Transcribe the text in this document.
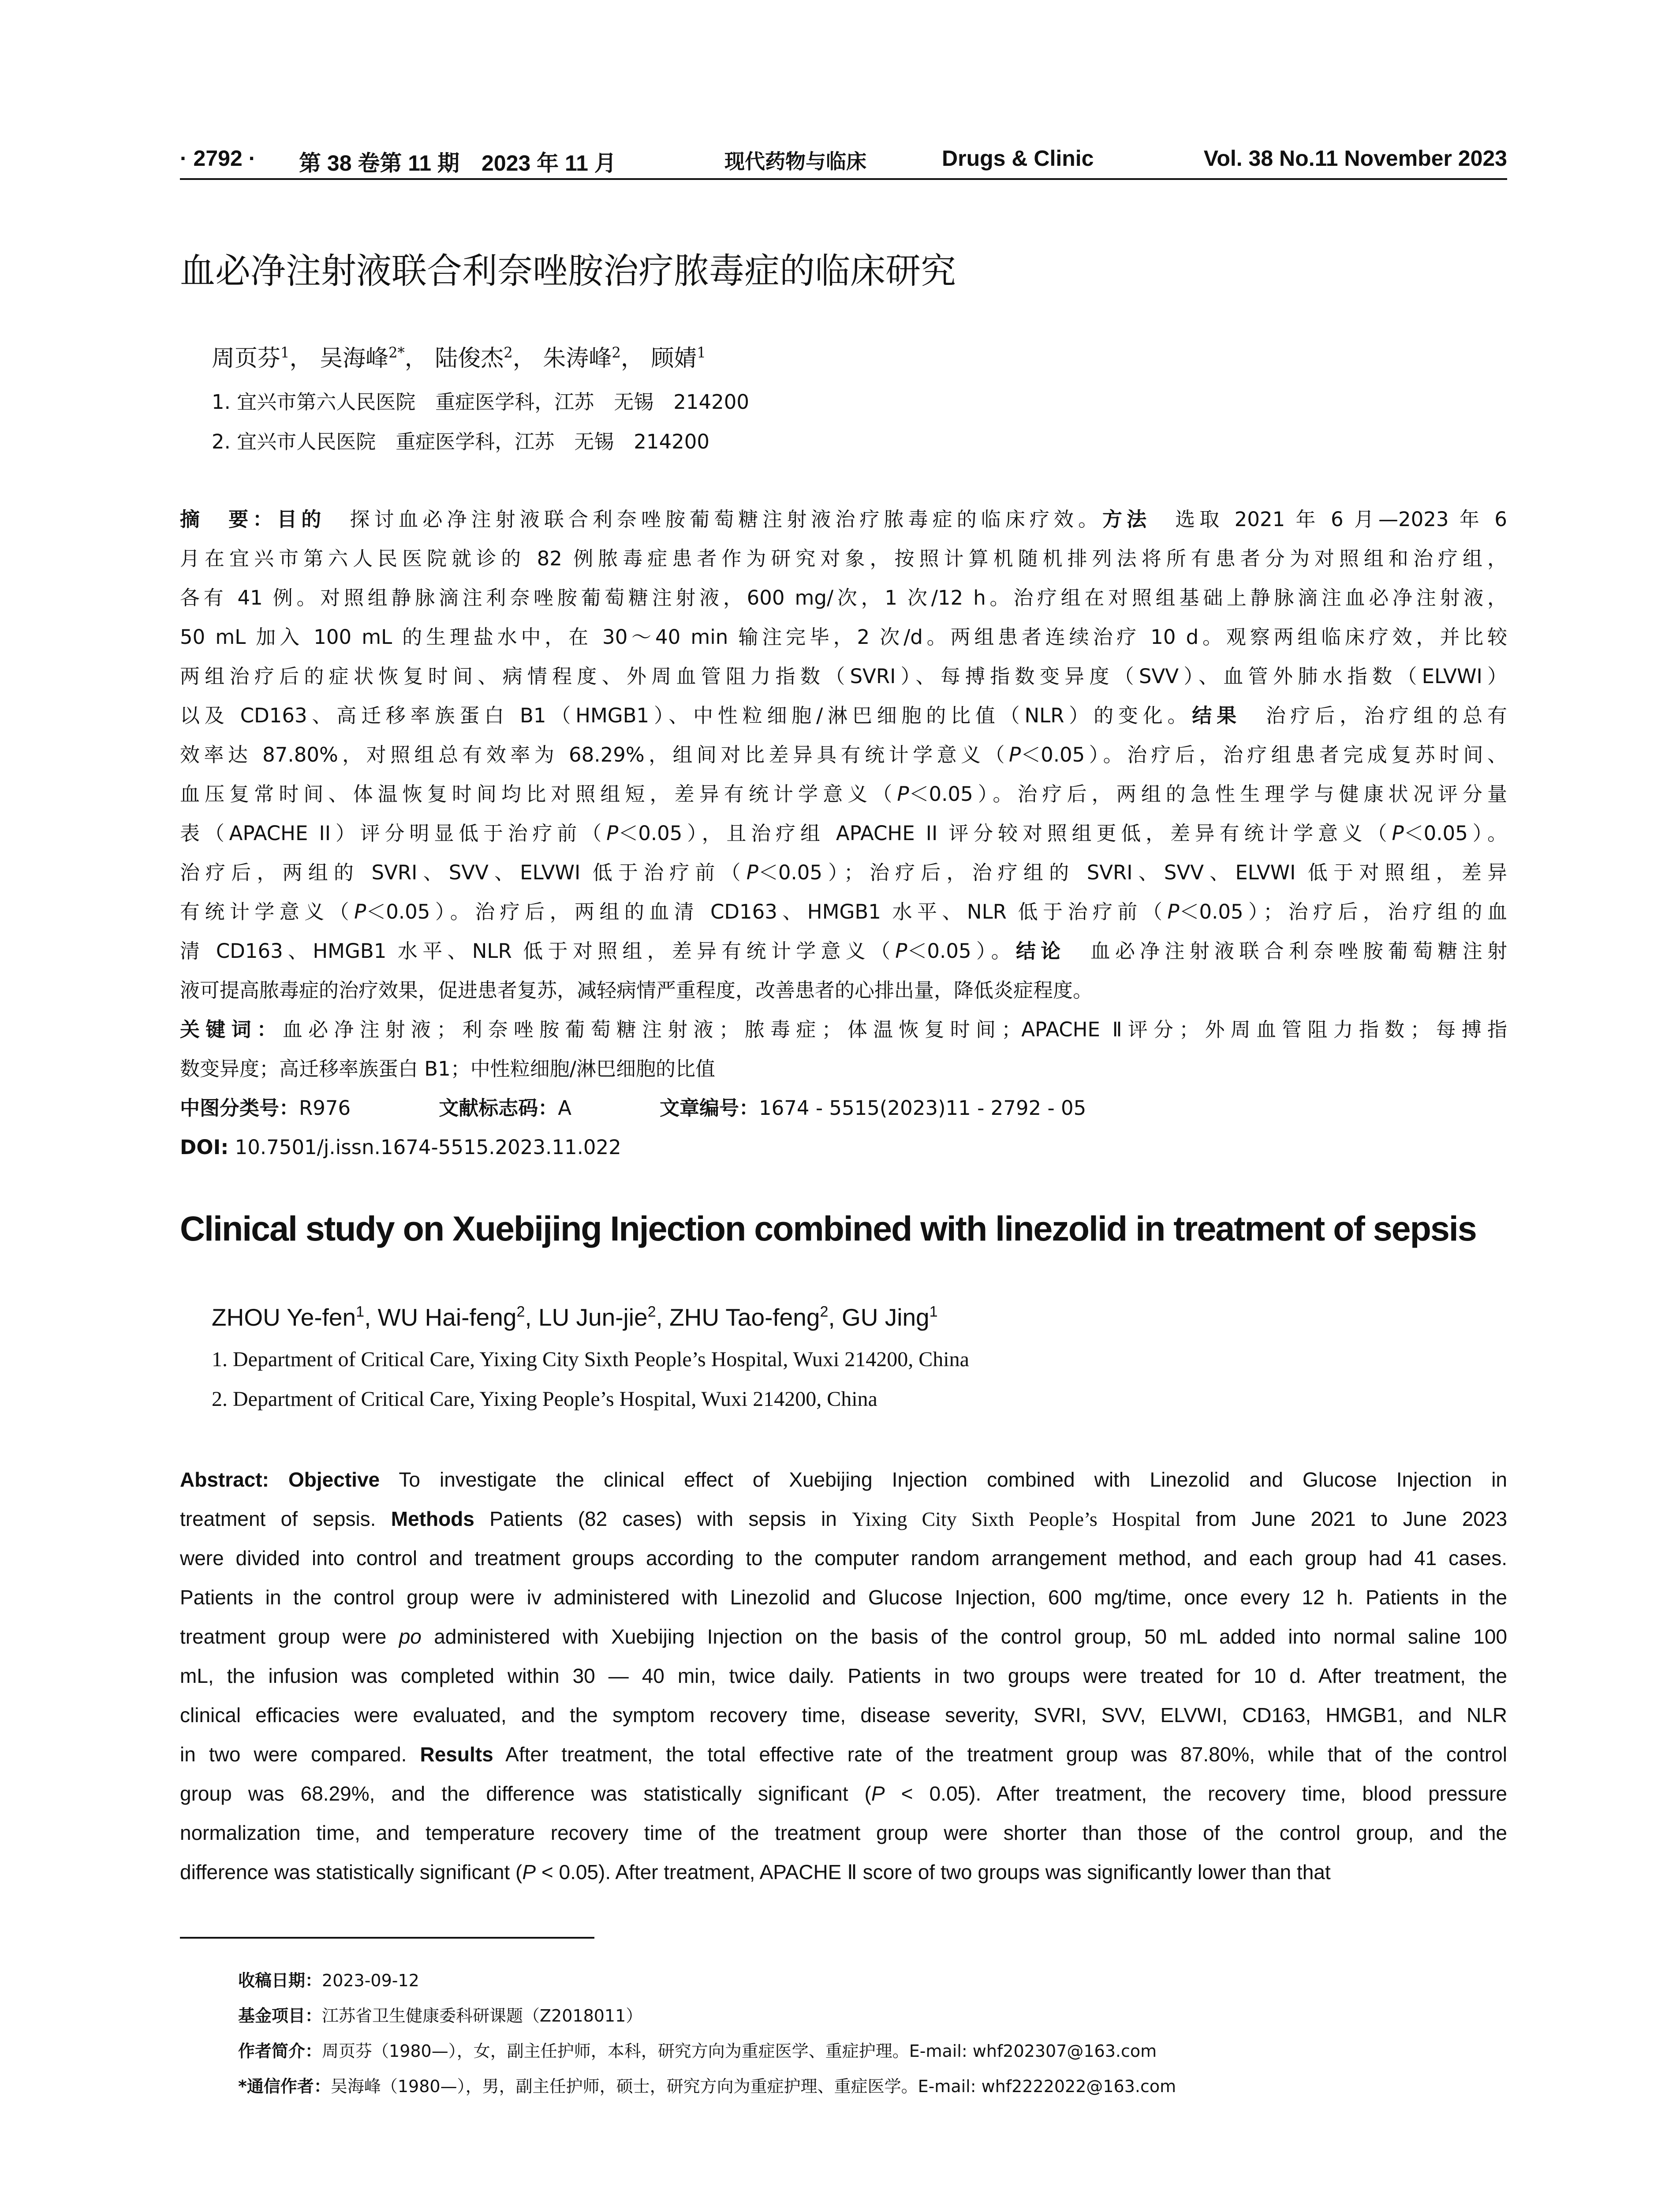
· 2792 · 第 38 卷第 11 期　2023 年 11 月	现代药物与临床	Drugs & Clinic	Vol. 38 No.11 November 2023
血必净注射液联合利奈唑胺治疗脓毒症的临床研究
周页芬$^1$， 吴海峰$^{2*}$， 陆俊杰$^2$， 朱涛峰$^2$， 顾婧$^1$
1. 宜兴市第六人民医院　重症医学科，江苏　无锡　214200
2. 宜兴市人民医院　重症医学科，江苏　无锡　214200
摘　要：目的　 探讨血必净注射液联合利奈唑胺葡萄糖注射液治疗脓毒症的临床疗效。方法　 选取 2021 年 6 月—2023 年 6
月在宜兴市第六人民医院就诊的 82 例脓毒症患者作为研究对象，按照计算机随机排列法将所有患者分为对照组和治疗组，
各有 41 例。对照组静脉滴注利奈唑胺葡萄糖注射液，600 mg/次，1 次/12 h。治疗组在对照组基础上静脉滴注血必净注射液，
50 mL 加入 100 mL 的生理盐水中，在 30～40 min 输注完毕，2 次/d。两组患者连续治疗 10 d。观察两组临床疗效，并比较
两组治疗后的症状恢复时间、病情程度、外周血管阻力指数（SVRI）、每搏指数变异度（SVV）、血管外肺水指数（ELVWI）
以及 CD163、高迁移率族蛋白 B1（HMGB1）、中性粒细胞/淋巴细胞的比值（NLR）的变化。结果　 治疗后，治疗组的总有
效率达 87.80%，对照组总有效率为 68.29%，组间对比差异具有统计学意义（P＜0.05）。治疗后，治疗组患者完成复苏时间、
血压复常时间、体温恢复时间均比对照组短，差异有统计学意义（P＜0.05）。治疗后，两组的急性生理学与健康状况评分量
表（APACHE II）评分明显低于治疗前（P＜0.05），且治疗组 APACHE II 评分较对照组更低，差异有统计学意义（P＜0.05）。
治疗后，两组的 SVRI、SVV、ELVWI 低于治疗前（P＜0.05）；治疗后，治疗组的 SVRI、SVV、ELVWI 低于对照组，差异
有统计学意义（P＜0.05）。治疗后，两组的血清 CD163、HMGB1 水平、NLR 低于治疗前（P＜0.05）；治疗后，治疗组的血
清 CD163、HMGB1 水平、NLR 低于对照组，差异有统计学意义（P＜0.05）。结论　 血必净注射液联合利奈唑胺葡萄糖注射
液可提高脓毒症的治疗效果，促进患者复苏，减轻病情严重程度，改善患者的心排出量，降低炎症程度。
关键词：血必净注射液；利奈唑胺葡萄糖注射液；脓毒症；体温恢复时间；APACHE Ⅱ评分；外周血管阻力指数；每搏指
数变异度；高迁移率族蛋白 B1；中性粒细胞/淋巴细胞的比值
中图分类号：R976	文献标志码：A	文章编号：1674 - 5515(2023)11 - 2792 - 05
DOI: 10.7501/j.issn.1674-5515.2023.11.022
Clinical study on Xuebijing Injection combined with linezolid in treatment of sepsis
ZHOU Ye-fen$^1$, WU Hai-feng$^2$, LU Jun-jie$^2$, ZHU Tao-feng$^2$, GU Jing$^1$
1. Department of Critical Care, Yixing City Sixth People’s Hospital, Wuxi 214200, China
2. Department of Critical Care, Yixing People’s Hospital, Wuxi 214200, China
Abstract: Objective To investigate the clinical effect of Xuebijing Injection combined with Linezolid and Glucose Injection in
treatment of sepsis. Methods Patients (82 cases) with sepsis in Yixing City Sixth People’s Hospital from June 2021 to June 2023
were divided into control and treatment groups according to the computer random arrangement method, and each group had 41 cases.
Patients in the control group were iv administered with Linezolid and Glucose Injection, 600 mg/time, once every 12 h. Patients in the
treatment group were po administered with Xuebijing Injection on the basis of the control group, 50 mL added into normal saline 100
mL, the infusion was completed within 30 — 40 min, twice daily. Patients in two groups were treated for 10 d. After treatment, the
clinical efficacies were evaluated, and the symptom recovery time, disease severity, SVRI, SVV, ELVWI, CD163, HMGB1, and NLR
in two were compared. Results After treatment, the total effective rate of the treatment group was 87.80%, while that of the control
group was 68.29%, and the difference was statistically significant (P < 0.05). After treatment, the recovery time, blood pressure
normalization time, and temperature recovery time of the treatment group were shorter than those of the control group, and the
difference was statistically significant (P < 0.05). After treatment, APACHE Ⅱ score of two groups was significantly lower than that
收稿日期：2023-09-12
基金项目：江苏省卫生健康委科研课题（Z2018011）
作者简介：周页芬（1980—），女，副主任护师，本科，研究方向为重症医学、重症护理。E-mail: whf202307@163.com
*通信作者：吴海峰（1980—），男，副主任护师，硕士，研究方向为重症护理、重症医学。E-mail: whf2222022@163.com
